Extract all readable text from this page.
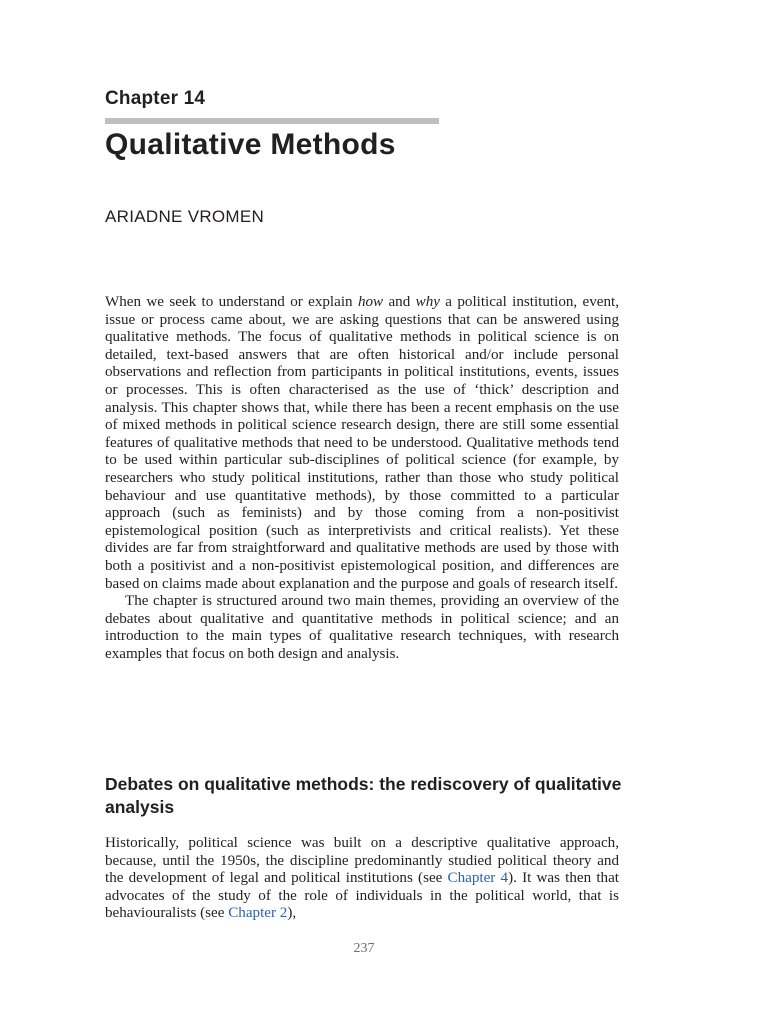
Chapter 14
Qualitative Methods
ARIADNE VROMEN

When we seek to understand or explain how and why a political institution, event, issue or process came about, we are asking questions that can be answered using qualitative methods. The focus of qualitative methods in political science is on detailed, text-based answers that are often historical and/or include personal observations and reflection from participants in political institutions, events, issues or processes. This is often characterised as the use of ‘thick’ description and analysis. This chapter shows that, while there has been a recent emphasis on the use of mixed methods in political science research design, there are still some essential features of qualitative methods that need to be understood. Qualitative methods tend to be used within particular sub-disciplines of political science (for example, by researchers who study political institutions, rather than those who study political behaviour and use quantitative methods), by those committed to a particular approach (such as feminists) and by those coming from a non-positivist epistemological position (such as interpretivists and critical realists). Yet these divides are far from straightforward and qualitative methods are used by those with both a positivist and a non-positivist epistemological position, and differences are based on claims made about explanation and the purpose and goals of research itself.

The chapter is structured around two main themes, providing an overview of the debates about qualitative and quantitative methods in political science; and an introduction to the main types of qualitative research techniques, with research examples that focus on both design and analysis.

Debates on qualitative methods: the rediscovery of qualitative analysis

Historically, political science was built on a descriptive qualitative approach, because, until the 1950s, the discipline predominantly studied political theory and the development of legal and political institutions (see Chapter 4). It was then that advocates of the study of the role of individuals in the political world, that is behaviouralists (see Chapter 2),

237
